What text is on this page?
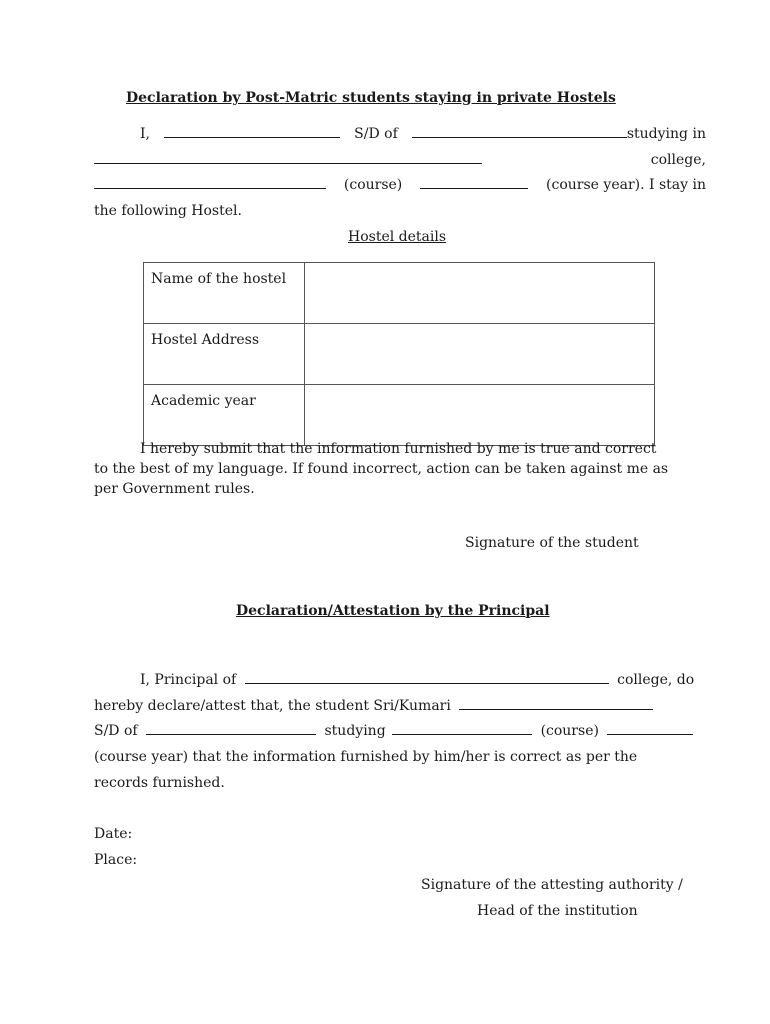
Declaration by Post-Matric students staying in private Hostels
I,	S/D of	studying in
college,
(course)	(course year). I stay in
the following Hostel.
Hostel details
Name of the hostel	
Hostel Address	
Academic year	
I hereby submit that the information furnished by me is true and correct
to the best of my language. If found incorrect, action can be taken against me as
per Government rules.
Signature of the student
Declaration/Attestation by the Principal
I, Principal of	college, do
hereby declare/attest that, the student Sri/Kumari
S/D of	studying	(course)
(course year) that the information furnished by him/her is correct as per the
records furnished.
Date:
Place:
Signature of the attesting authority /
Head of the institution
